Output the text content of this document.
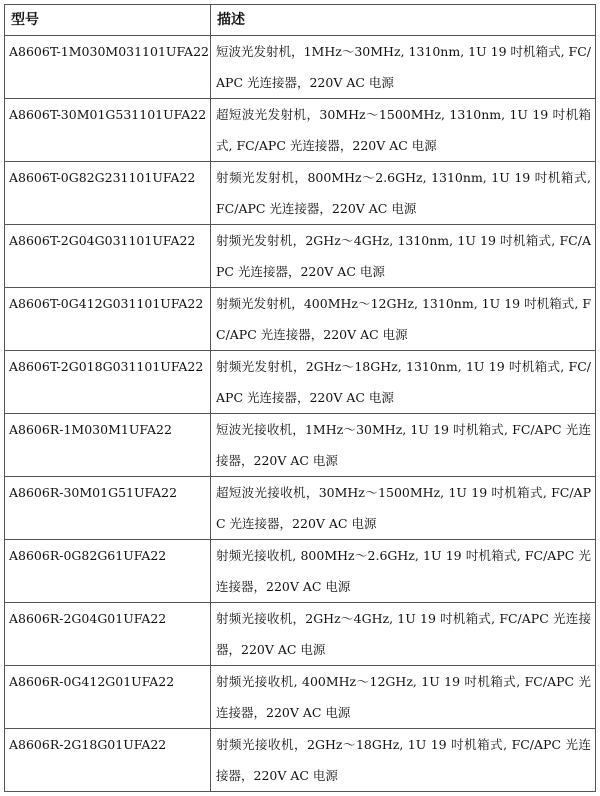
型号	描述
A8606T-1M030M031101UFA22	短波光发射机，1MHz～30MHz, 1310nm, 1U 19 吋机箱式, FC/APC 光连接器，220V AC 电源
A8606T-30M01G531101UFA22	超短波光发射机，30MHz～1500MHz, 1310nm, 1U 19 吋机箱式, FC/APC 光连接器，220V AC 电源
A8606T-0G82G231101UFA22	射频光发射机，800MHz～2.6GHz, 1310nm, 1U 19 吋机箱式, FC/APC 光连接器，220V AC 电源
A8606T-2G04G031101UFA22	射频光发射机，2GHz～4GHz, 1310nm, 1U 19 吋机箱式, FC/APC 光连接器，220V AC 电源
A8606T-0G412G031101UFA22	射频光发射机，400MHz～12GHz, 1310nm, 1U 19 吋机箱式, FC/APC 光连接器，220V AC 电源
A8606T-2G018G031101UFA22	射频光发射机，2GHz～18GHz, 1310nm, 1U 19 吋机箱式, FC/APC 光连接器，220V AC 电源
A8606R-1M030M1UFA22	短波光接收机，1MHz～30MHz, 1U 19 吋机箱式, FC/APC 光连接器，220V AC 电源
A8606R-30M01G51UFA22	超短波光接收机，30MHz～1500MHz, 1U 19 吋机箱式, FC/APC 光连接器，220V AC 电源
A8606R-0G82G61UFA22	射频光接收机, 800MHz～2.6GHz, 1U 19 吋机箱式, FC/APC 光连接器，220V AC 电源
A8606R-2G04G01UFA22	射频光接收机，2GHz～4GHz, 1U 19 吋机箱式, FC/APC 光连接器，220V AC 电源
A8606R-0G412G01UFA22	射频光接收机, 400MHz～12GHz, 1U 19 吋机箱式, FC/APC 光连接器，220V AC 电源
A8606R-2G18G01UFA22	射频光接收机，2GHz～18GHz, 1U 19 吋机箱式, FC/APC 光连接器，220V AC 电源
